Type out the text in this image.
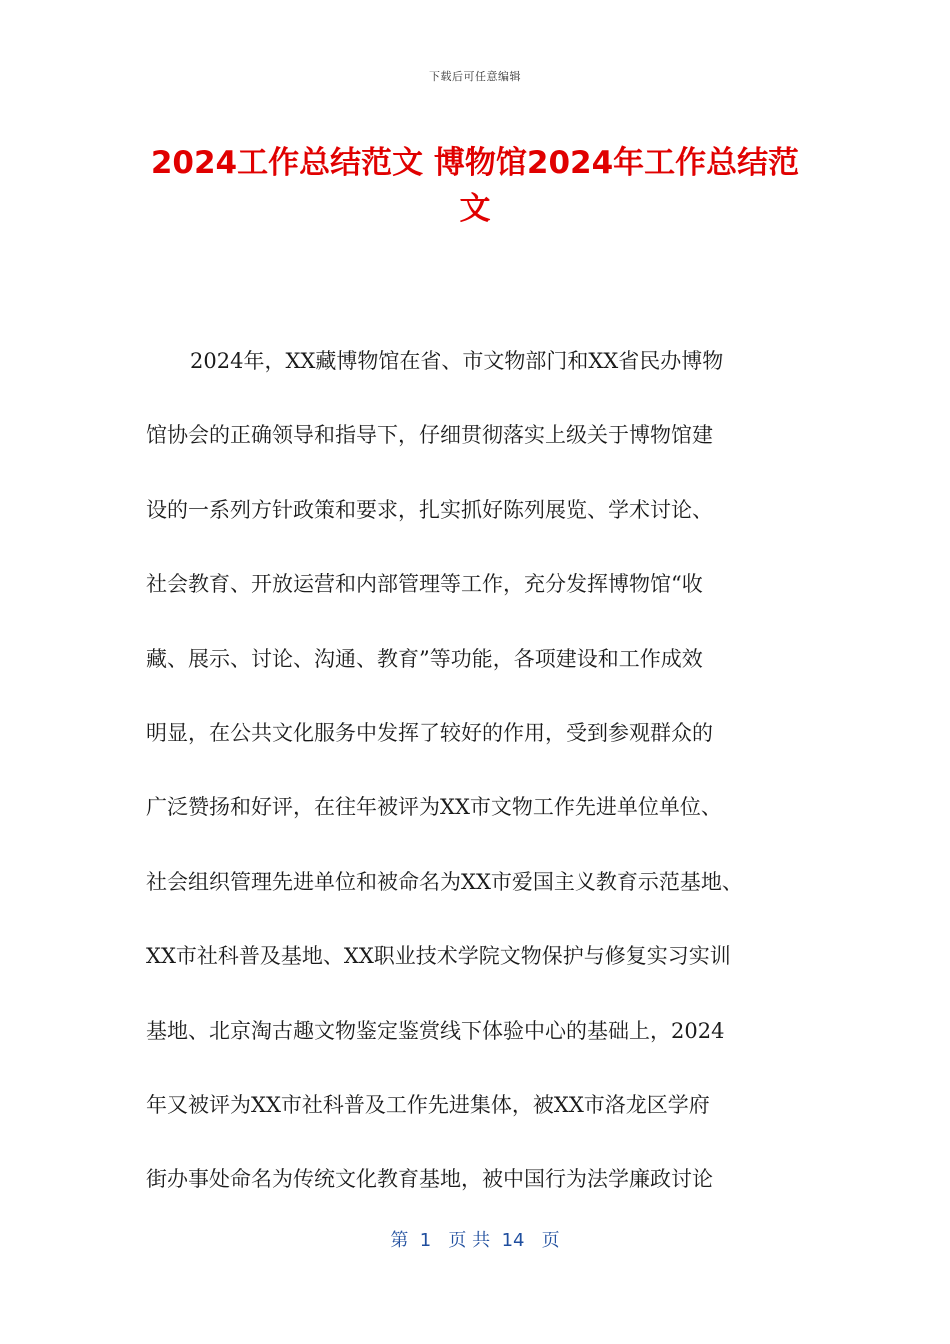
下载后可任意编辑
2024工作总结范文 博物馆2024年工作总结范文
2024年，XX藏博物馆在省、市文物部门和XX省民办博物
馆协会的正确领导和指导下，仔细贯彻落实上级关于博物馆建
设的一系列方针政策和要求，扎实抓好陈列展览、学术讨论、
社会教育、开放运营和内部管理等工作，充分发挥博物馆“收
藏、展示、讨论、沟通、教育”等功能，各项建设和工作成效
明显，在公共文化服务中发挥了较好的作用，受到参观群众的
广泛赞扬和好评，在往年被评为XX市文物工作先进单位单位、
社会组织管理先进单位和被命名为XX市爱国主义教育示范基地、
XX市社科普及基地、XX职业技术学院文物保护与修复实习实训
基地、北京淘古趣文物鉴定鉴赏线下体验中心的基础上，2024
年又被评为XX市社科普及工作先进集体，被XX市洛龙区学府
街办事处命名为传统文化教育基地，被中国行为法学廉政讨论
第  1   页 共  14   页
